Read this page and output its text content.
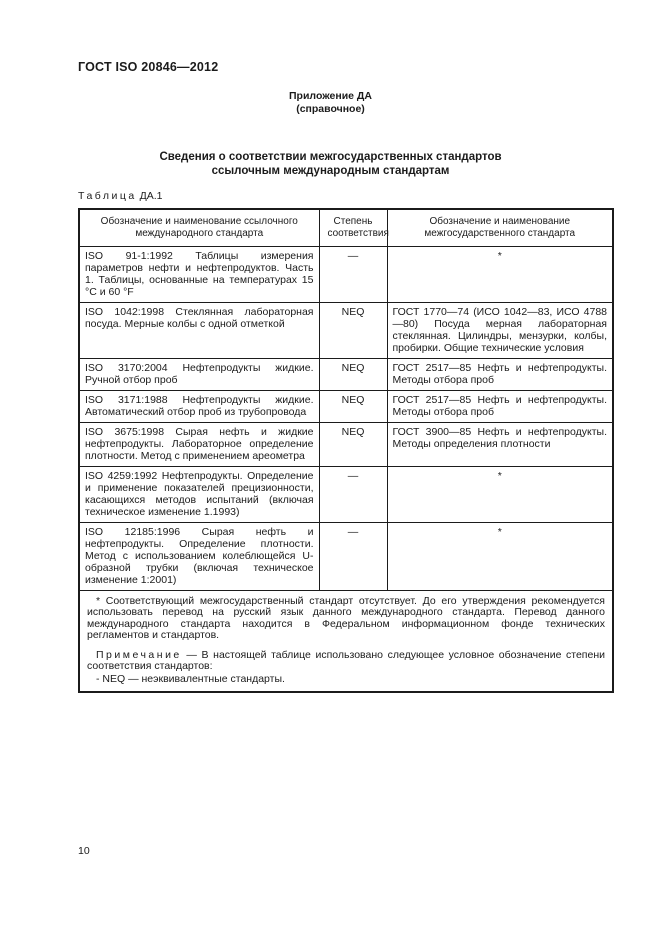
ГОСТ ISO 20846—2012
Приложение ДА
(справочное)
Сведения о соответствии межгосударственных стандартов
ссылочным международным стандартам
Таблица ДА.1
Обозначение и наименование ссылочного международного стандарта	Степень соответствия	Обозначение и наименование межгосударственного стандарта
ISO 91-1:1992 Таблицы измерения параметров нефти и нефтепродуктов. Часть 1. Таблицы, основанные на температурах 15 °С и 60 °F	—	*
ISO 1042:1998 Стеклянная лабораторная посуда. Мерные колбы с одной отметкой	NEQ	ГОСТ 1770—74 (ИСО 1042—83, ИСО 4788—80) Посуда мерная лабораторная стеклянная. Цилиндры, мензурки, колбы, пробирки. Общие технические условия
ISO 3170:2004 Нефтепродукты жидкие. Ручной отбор проб	NEQ	ГОСТ 2517—85 Нефть и нефтепродукты. Методы отбора проб
ISO 3171:1988 Нефтепродукты жидкие. Автоматический отбор проб из трубопровода	NEQ	ГОСТ 2517—85 Нефть и нефтепродукты. Методы отбора проб
ISO 3675:1998 Сырая нефть и жидкие нефтепродукты. Лабораторное определение плотности. Метод с применением ареометра	NEQ	ГОСТ 3900—85 Нефть и нефтепродукты. Методы определения плотности
ISO 4259:1992 Нефтепродукты. Определение и применение показателей прецизионности, касающихся методов испытаний (включая техническое изменение 1.1993)	—	*
ISO 12185:1996 Сырая нефть и нефтепродукты. Определение плотности. Метод с использованием колеблющейся U-образной трубки (включая техническое изменение 1:2001)	—	*

* Соответствующий межгосударственный стандарт отсутствует. До его утверждения рекомендуется использовать перевод на русский язык данного международного стандарта. Перевод данного международного стандарта находится в Федеральном информационном фонде технических регламентов и стандартов.

Примечание — В настоящей таблице использовано следующее условное обозначение степени соответствия стандартов:

- NEQ — неэквивалентные стандарты.		

10
